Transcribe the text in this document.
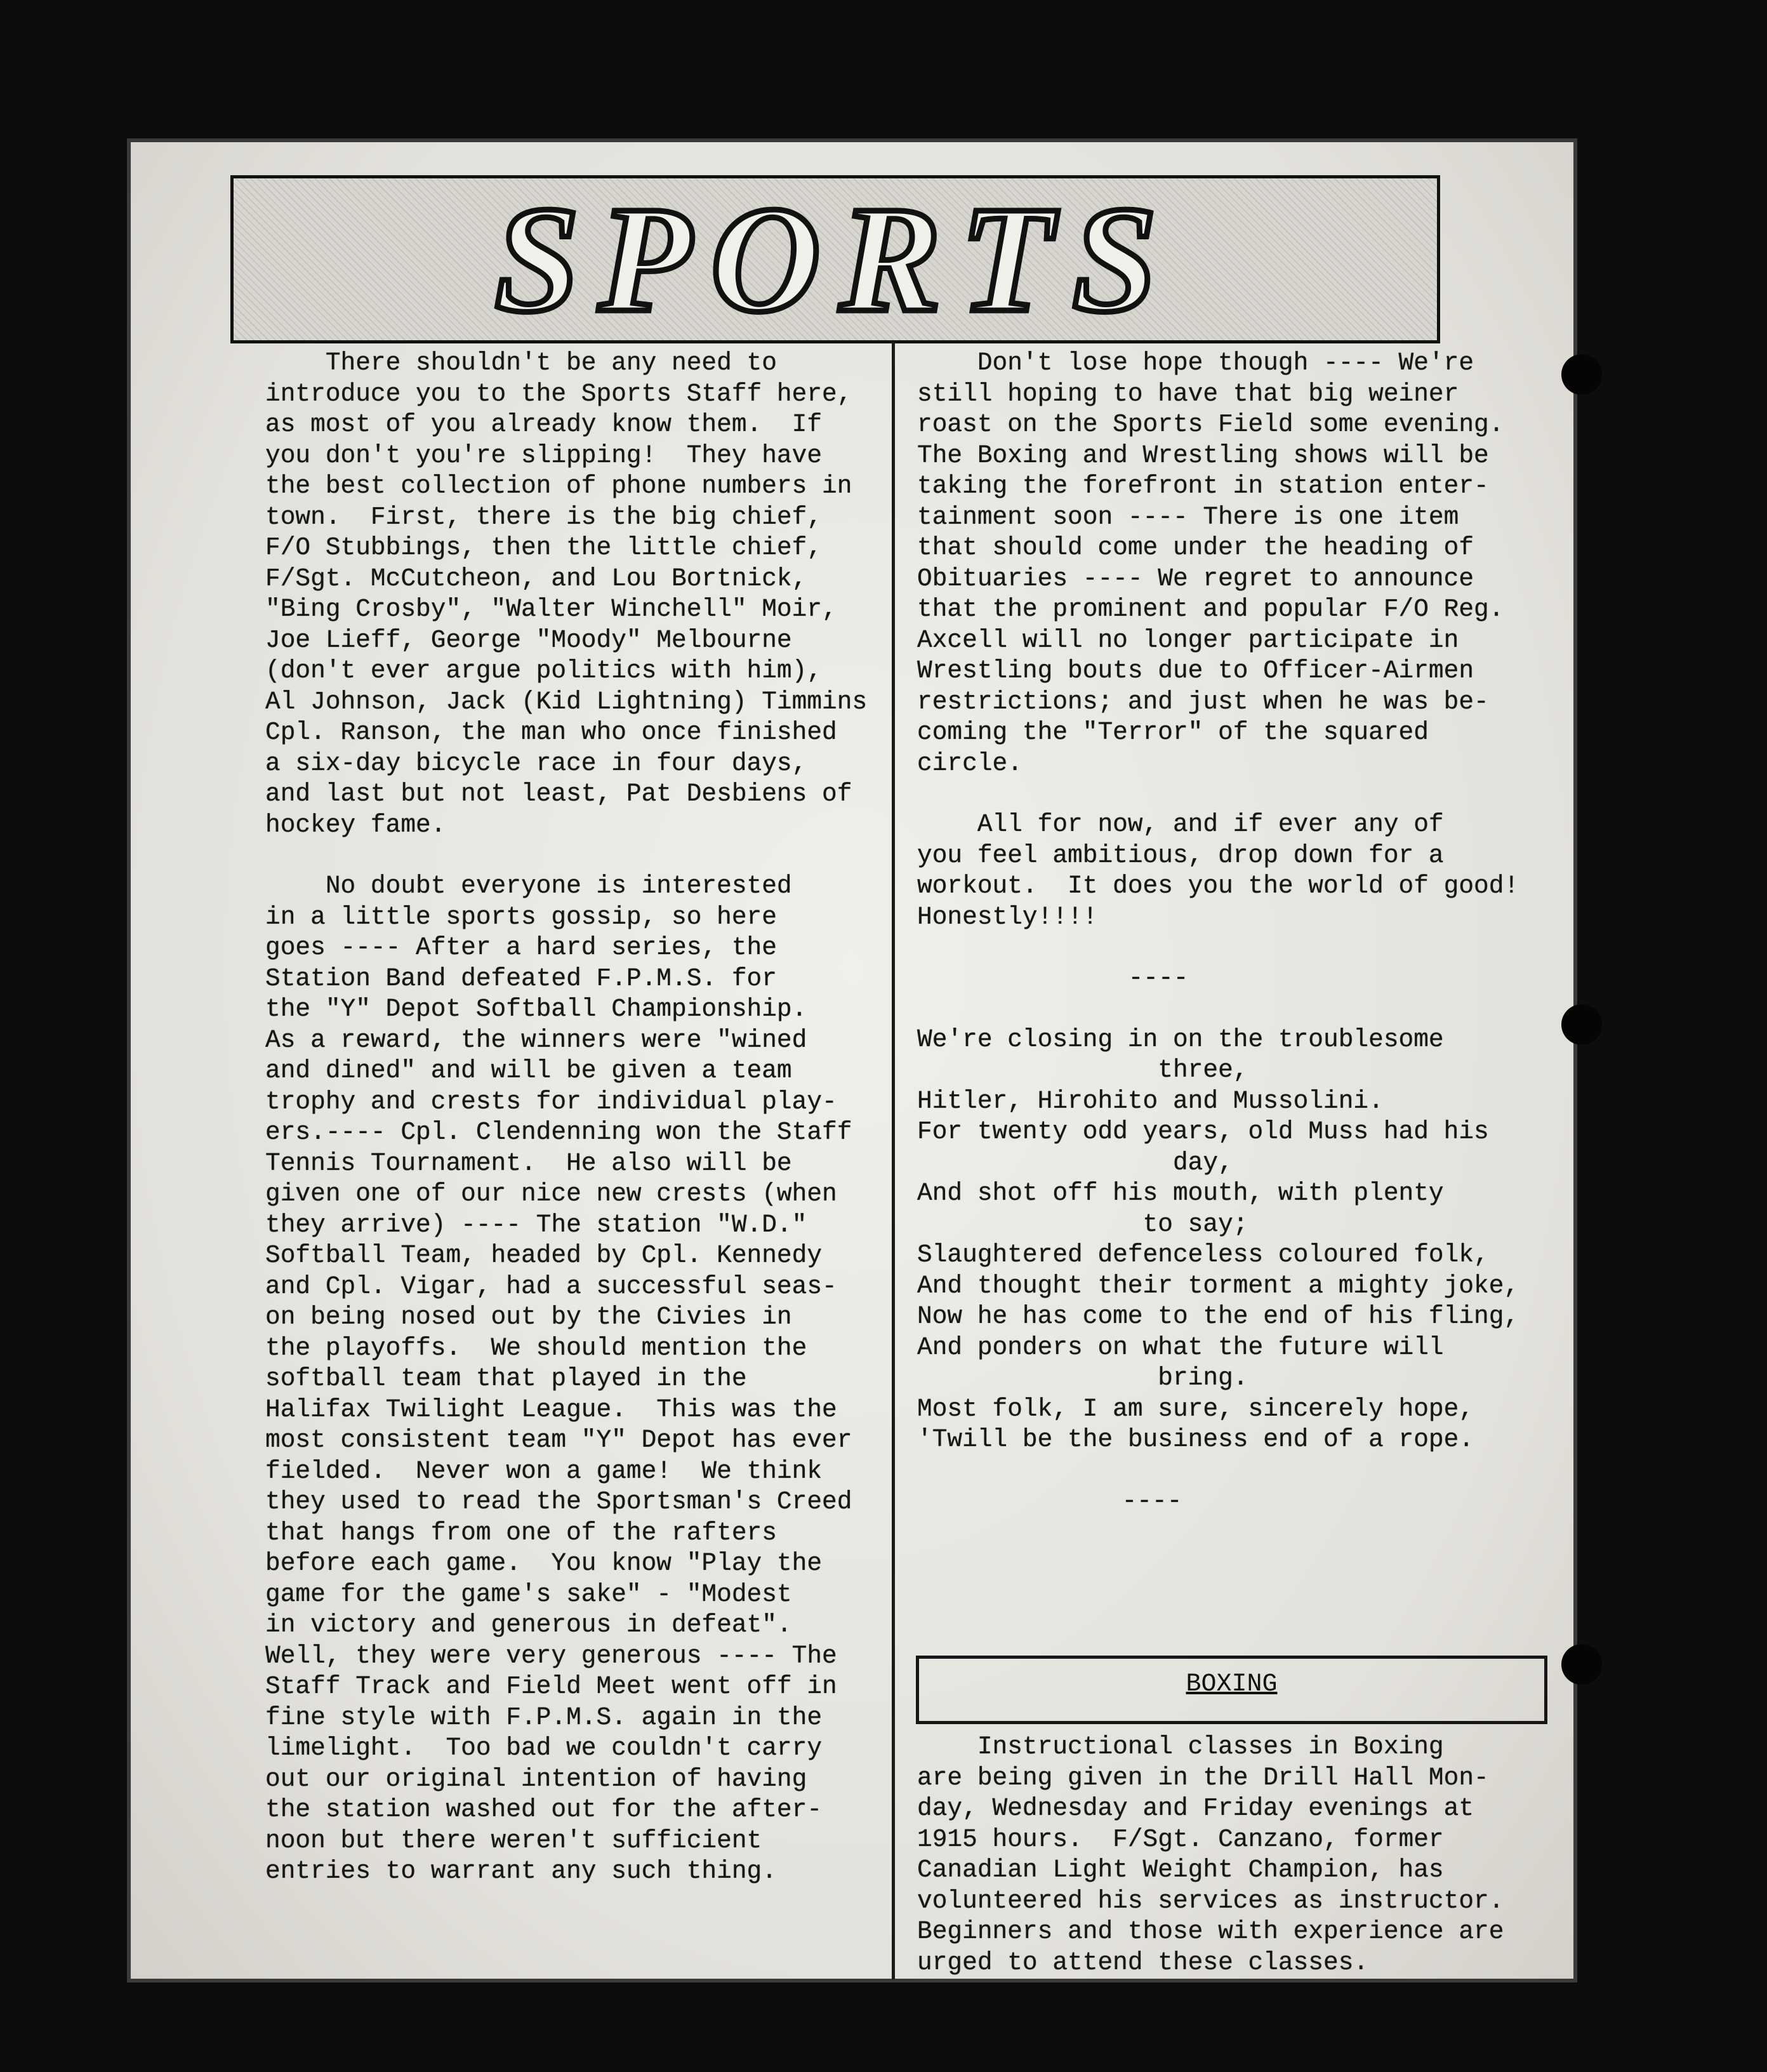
SPORTS

There shouldn't be any need to

introduce you to the Sports Staff here,

as most of you already know them.  If

you don't you're slipping!  They have

the best collection of phone numbers in

town.  First, there is the big chief,

F/O Stubbings, then the little chief,

F/Sgt. McCutcheon, and Lou Bortnick,

"Bing Crosby", "Walter Winchell" Moir,

Joe Lieff, George "Moody" Melbourne

(don't ever argue politics with him),

Al Johnson, Jack (Kid Lightning) Timmins

Cpl. Ranson, the man who once finished

a six-day bicycle race in four days,

and last but not least, Pat Desbiens of

hockey fame.

No doubt everyone is interested

in a little sports gossip, so here

goes ---- After a hard series, the

Station Band defeated F.P.M.S. for

the "Y" Depot Softball Championship.

As a reward, the winners were "wined

and dined" and will be given a team

trophy and crests for individual play-

ers.---- Cpl. Clendenning won the Staff

Tennis Tournament.  He also will be

given one of our nice new crests (when

they arrive) ---- The station "W.D."

Softball Team, headed by Cpl. Kennedy

and Cpl. Vigar, had a successful seas-

on being nosed out by the Civies in

the playoffs.  We should mention the

softball team that played in the

Halifax Twilight League.  This was the

most consistent team "Y" Depot has ever

fielded.  Never won a game!  We think

they used to read the Sportsman's Creed

that hangs from one of the rafters

before each game.  You know "Play the

game for the game's sake" - "Modest

in victory and generous in defeat".

Well, they were very generous ---- The

Staff Track and Field Meet went off in

fine style with F.P.M.S. again in the

limelight.  Too bad we couldn't carry

out our original intention of having

the station washed out for the after-

noon but there weren't sufficient

entries to warrant any such thing.

Don't lose hope though ---- We're

still hoping to have that big weiner

roast on the Sports Field some evening.

The Boxing and Wrestling shows will be

taking the forefront in station enter-

tainment soon ---- There is one item

that should come under the heading of

Obituaries ---- We regret to announce

that the prominent and popular F/O Reg.

Axcell will no longer participate in

Wrestling bouts due to Officer-Airmen

restrictions; and just when he was be-

coming the "Terror" of the squared

circle.

All for now, and if ever any of

you feel ambitious, drop down for a

workout.  It does you the world of good!

Honestly!!!!

----

We're closing in on the troublesome

three,

Hitler, Hirohito and Mussolini.

For twenty odd years, old Muss had his

day,

And shot off his mouth, with plenty

to say;

Slaughtered defenceless coloured folk,

And thought their torment a mighty joke,

Now he has come to the end of his fling,

And ponders on what the future will

bring.

Most folk, I am sure, sincerely hope,

'Twill be the business end of a rope.

----

BOXING

Instructional classes in Boxing

are being given in the Drill Hall Mon-

day, Wednesday and Friday evenings at

1915 hours.  F/Sgt. Canzano, former

Canadian Light Weight Champion, has

volunteered his services as instructor.

Beginners and those with experience are

urged to attend these classes.
